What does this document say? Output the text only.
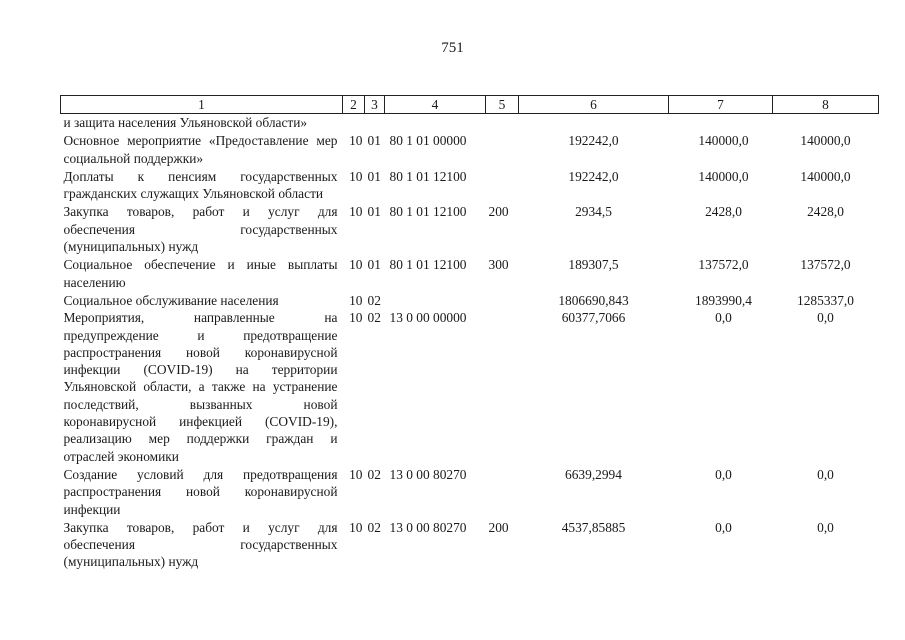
751
1	2	3	4	5	6	7	8
и защита населения Ульяновской области»							
Основное мероприятие «Предоставление мер социальной поддержки»	10	01	80 1 01 00000		192242,0	140000,0	140000,0
Доплаты к пенсиям государственных гражданских служащих Ульяновской области	10	01	80 1 01 12100		192242,0	140000,0	140000,0
Закупка товаров, работ и услуг для обеспечения государственных (муниципальных) нужд	10	01	80 1 01 12100	200	2934,5	2428,0	2428,0
Социальное обеспечение и иные выплаты населению	10	01	80 1 01 12100	300	189307,5	137572,0	137572,0
Социальное обслуживание населения	10	02			1806690,843	1893990,4	1285337,0
Мероприятия, направленные на предупреждение и предотвращение распространения новой коронавирусной инфекции (COVID-19) на территории Ульяновской области, а также на устранение последствий, вызванных новой коронавирусной инфекцией (COVID-19), реализацию мер поддержки граждан и отраслей экономики	10	02	13 0 00 00000		60377,7066	0,0	0,0
Создание условий для предотвращения распространения новой коронавирусной инфекции	10	02	13 0 00 80270		6639,2994	0,0	0,0
Закупка товаров, работ и услуг для обеспечения государственных (муниципальных) нужд	10	02	13 0 00 80270	200	4537,85885	0,0	0,0
